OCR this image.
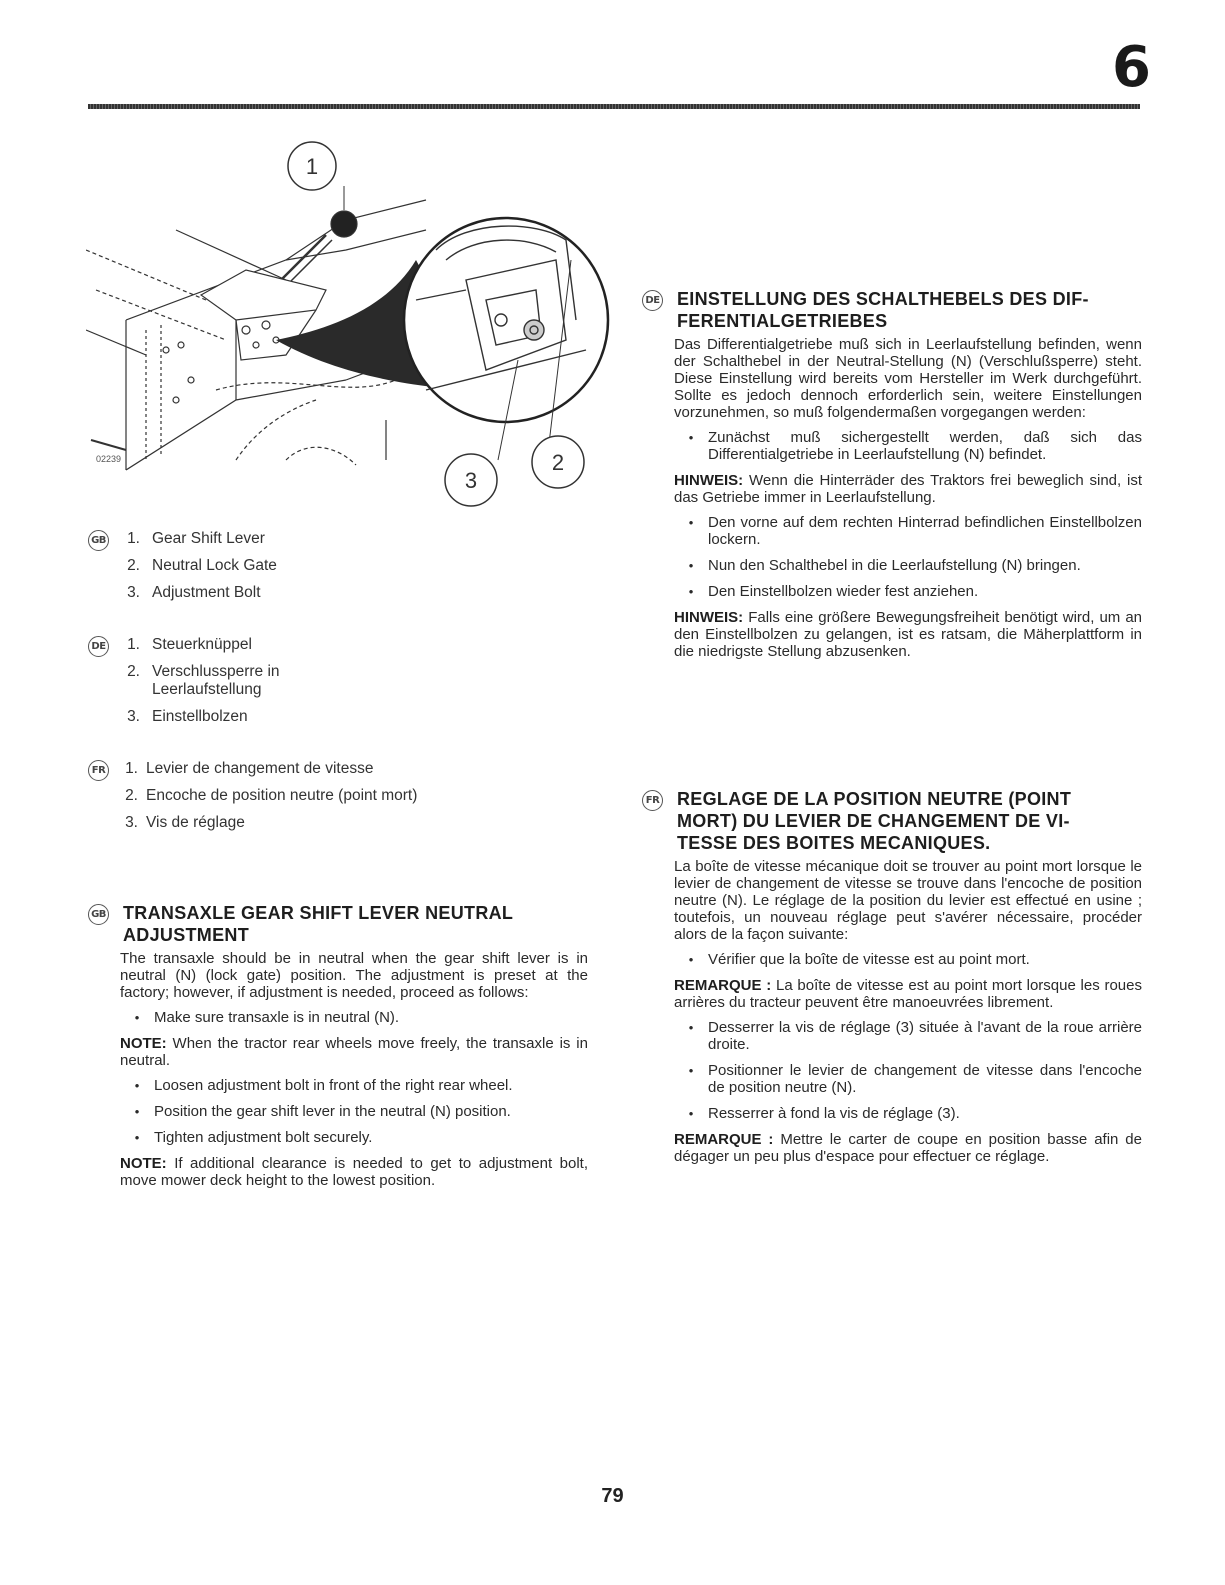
6
1
2
3
02239
GB	1. Gear Shift Lever
2. Neutral Lock Gate
3. Adjustment Bolt
DE	1. Steuerknüppel
2. Verschlussperre in Leerlaufstellung
3. Einstellbolzen
FR	1. Levier de changement de vitesse
2. Encoche de position neutre (point mort)
3. Vis de réglage
GB TRANSAXLE GEAR SHIFT LEVER NEUTRAL
ADJUSTMENT

The transaxle should be in neutral when the gear shift lever is in neutral (N) (lock gate) position. The adjustment is preset at the factory; however, if adjustment is needed, proceed as follows:

• Make sure transaxle is in neutral (N).

NOTE: When the tractor rear wheels move freely, the transaxle is in neutral.

• Loosen adjustment bolt in front of the right rear wheel.
• Position the gear shift lever in the neutral (N) position.
• Tighten adjustment bolt securely.

NOTE: If additional clearance is needed to get to adjustment bolt, move mower deck height to the lowest position.

DE EINSTELLUNG DES SCHALTHEBELS DES DIF-
FERENTIALGETRIEBES

Das Differentialgetriebe muß sich in Leerlaufstellung befinden, wenn der Schalthebel in der Neutral-Stellung (N) (Verschlußsperre) steht. Diese Einstellung wird bereits vom Hersteller im Werk durchgeführt. Sollte es jedoch dennoch erforderlich sein, weitere Einstellungen vorzunehmen, so muß folgendermaßen vorgegangen werden:

• Zunächst muß sichergestellt werden, daß sich das Differentialgetriebe in Leerlaufstellung (N) befindet.

HINWEIS: Wenn die Hinterräder des Traktors frei beweglich sind, ist das Getriebe immer in Leerlaufstellung.

• Den vorne auf dem rechten Hinterrad befindlichen Einstellbolzen lockern.
• Nun den Schalthebel in die Leerlaufstellung (N) bringen.
• Den Einstellbolzen wieder fest anziehen.

HINWEIS: Falls eine größere Bewegungsfreiheit benötigt wird, um an den Einstellbolzen zu gelangen, ist es ratsam, die Mäherplattform in die niedrigste Stellung abzusenken.

FR REGLAGE DE LA POSITION NEUTRE (POINT
MORT) DU LEVIER DE CHANGEMENT DE VI-
TESSE DES BOITES MECANIQUES.

La boîte de vitesse mécanique doit se trouver au point mort lorsque le levier de changement de vitesse se trouve dans l'encoche de position neutre (N). Le réglage de la position du levier est effectué en usine ; toutefois, un nouveau réglage peut s'avérer nécessaire, procéder alors de la façon suivante:

• Vérifier que la boîte de vitesse est au point mort.

REMARQUE : La boîte de vitesse est au point mort lorsque les roues arrières du tracteur peuvent être manoeuvrées librement.

• Desserrer la vis de réglage (3) située à l'avant de la roue arrière droite.
• Positionner le levier de changement de vitesse dans l'encoche de position neutre (N).
• Resserrer à fond la vis de réglage (3).

REMARQUE : Mettre le carter de coupe en position basse afin de dégager un peu plus d'espace pour effectuer ce réglage.

79
